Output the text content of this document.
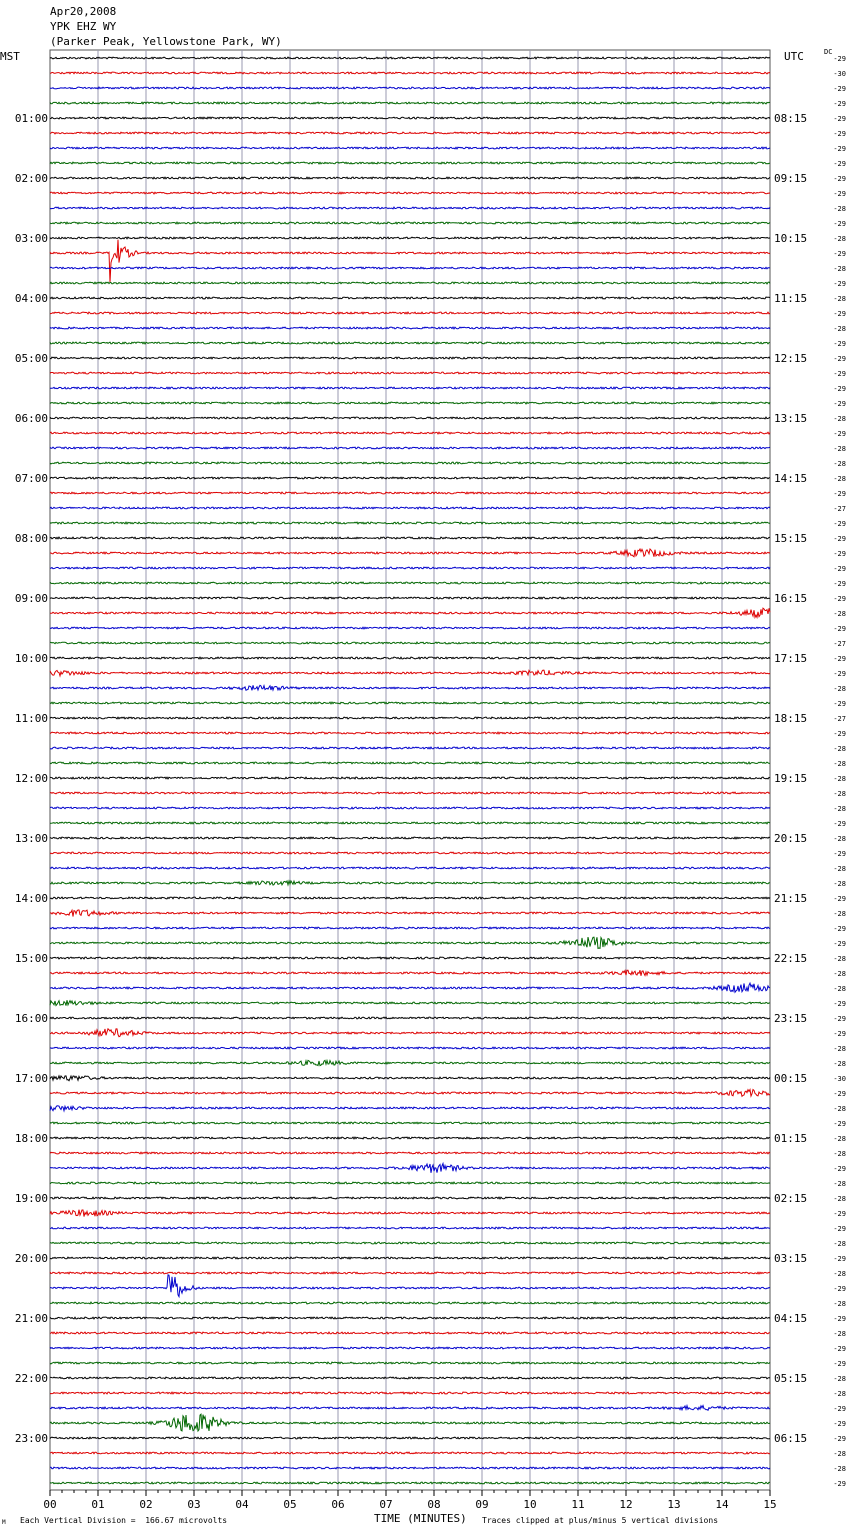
Apr20,2008
YPK EHZ WY
(Parker Peak, Yellowstone Park, WY)
MST	UTC	DC
00	01	02	03	04	05	06	07	08	09	10	11	12	13	14	15
01:00
02:00
03:00
04:00
05:00
06:00
07:00
08:00
09:00
10:00
11:00
12:00
13:00
14:00
15:00
16:00
17:00
18:00
19:00
20:00
21:00
22:00
23:00
08:15
09:15
10:15
11:15
12:15
13:15
14:15
15:15
16:15
17:15
18:15
19:15
20:15
21:15
22:15
23:15
00:15
01:15
02:15
03:15
04:15
05:15
06:15
-29
-30
-29
-29
-29
-29
-29
-29
-29
-29
-28
-29
-28
-29
-28
-29
-28
-29
-28
-29
-29
-29
-29
-29
-28
-29
-28
-28
-28
-29
-27
-29
-29
-29
-29
-29
-29
-28
-29
-27
-29
-29
-28
-29
-27
-29
-28
-28
-28
-28
-28
-29
-28
-29
-28
-28
-29
-28
-29
-29
-28
-28
-28
-29
-29
-29
-28
-28
-30
-29
-28
-29
-28
-28
-29
-28
-28
-29
-29
-28
-29
-28
-29
-28
-29
-28
-29
-29
-28
-28
-29
-29
-29
-28
-28
-29
TIME (MINUTES)
Each Vertical Division =  166.67 microvolts	Traces clipped at plus/minus 5 vertical divisions
M
